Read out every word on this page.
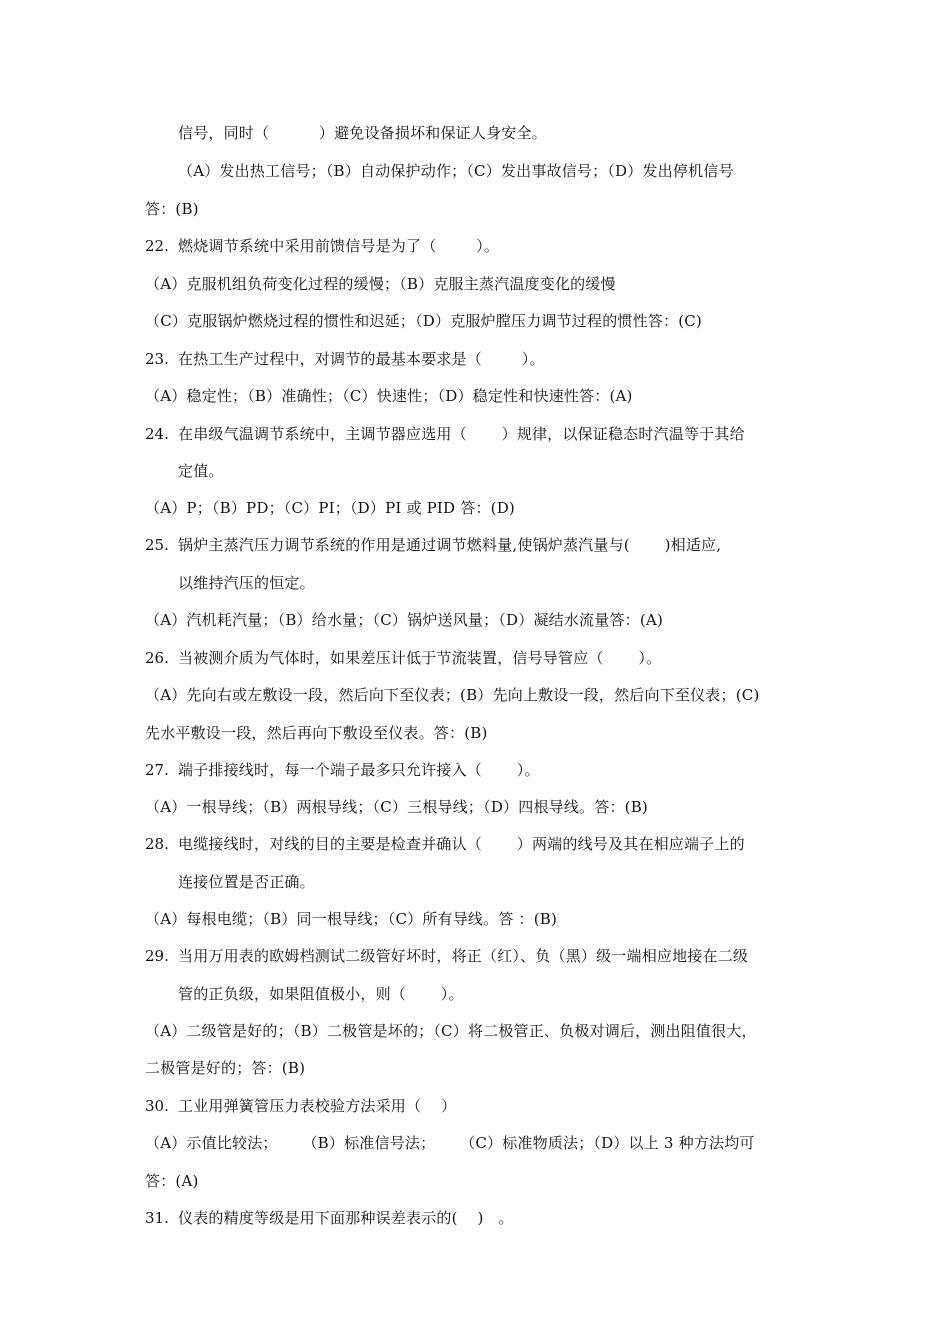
信号，同时（          ）避免设备损坏和保证人身安全。
（A）发出热工信号；（B）自动保护动作；（C）发出事故信号；（D）发出停机信号
答：(B)
22. 燃烧调节系统中采用前馈信号是为了（        ）。
（A）克服机组负荷变化过程的缓慢；（B）克服主蒸汽温度变化的缓慢
（C）克服锅炉燃烧过程的惯性和迟延；（D）克服炉膛压力调节过程的惯性答：(C)
23. 在热工生产过程中，对调节的最基本要求是（        ）。
（A）稳定性；（B）准确性；（C）快速性；（D）稳定性和快速性答：(A)
24. 在串级气温调节系统中，主调节器应选用（       ）规律，以保证稳态时汽温等于其给
定值。
（A）P；（B）PD；（C）PI；（D）PI 或 PID 答：(D)
25. 锅炉主蒸汽压力调节系统的作用是通过调节燃料量,使锅炉蒸汽量与(       )相适应,
以维持汽压的恒定。
（A）汽机耗汽量；（B）给水量；（C）锅炉送风量；（D）凝结水流量答：(A)
26. 当被测介质为气体时，如果差压计低于节流装置，信号导管应（       ）。
（A）先向右或左敷设一段，然后向下至仪表；(B）先向上敷设一段，然后向下至仪表；(C)
先水平敷设一段，然后再向下敷设至仪表。答：(B)
27. 端子排接线时，每一个端子最多只允许接入（       ）。
（A）一根导线；（B）两根导线；（C）三根导线；（D）四根导线。答：(B)
28. 电缆接线时，对线的目的主要是检查并确认（       ）两端的线号及其在相应端子上的
连接位置是否正确。
（A）每根电缆；（B）同一根导线；（C）所有导线。答 ：(B)
29. 当用万用表的欧姆档测试二级管好坏时，将正（红）、负（黑）级一端相应地接在二级
管的正负级，如果阻值极小，则（       ）。
（A）二级管是好的；（B）二极管是坏的；（C）将二极管正、负极对调后，测出阻值很大，
二极管是好的；答：(B)
30. 工业用弹簧管压力表校验方法采用（    ）
（A）示值比较法；     （B）标准信号法；     （C）标准物质法；（D）以上 3 种方法均可
答：(A)
31. 仪表的精度等级是用下面那种误差表示的(    )   。
